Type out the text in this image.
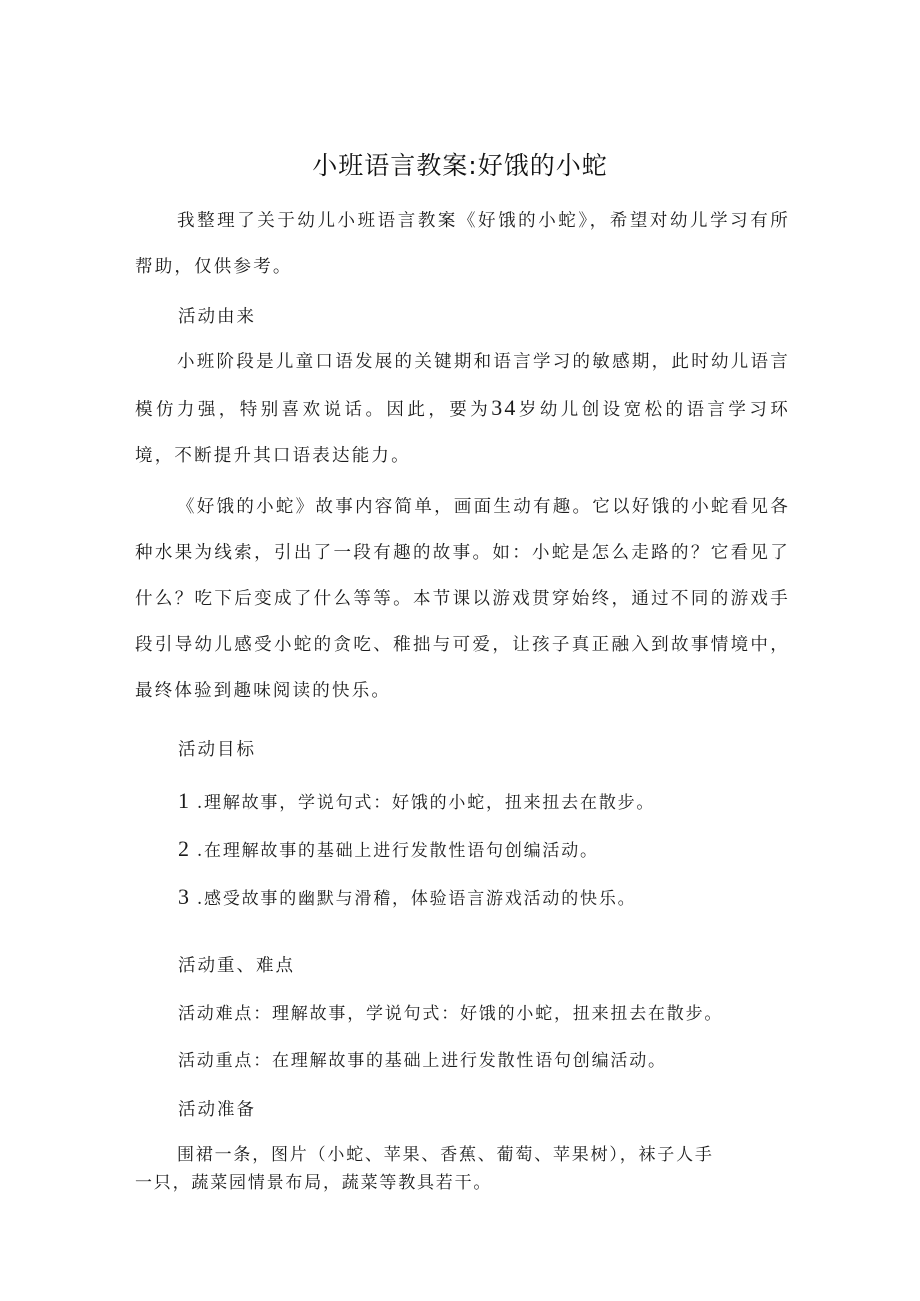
小班语言教案:好饿的小蛇

我整理了关于幼儿小班语言教案《好饿的小蛇》，希望对幼儿学习有所帮助，仅供参考。

活动由来

小班阶段是儿童口语发展的关键期和语言学习的敏感期，此时幼儿语言模仿力强，特别喜欢说话。因此，要为34岁幼儿创设宽松的语言学习环境，不断提升其口语表达能力。

《好饿的小蛇》故事内容简单，画面生动有趣。它以好饿的小蛇看见各种水果为线索，引出了一段有趣的故事。如：小蛇是怎么走路的？它看见了什么？吃下后变成了什么等等。本节课以游戏贯穿始终，通过不同的游戏手段引导幼儿感受小蛇的贪吃、稚拙与可爱，让孩子真正融入到故事情境中，最终体验到趣味阅读的快乐。

活动目标

1 .理解故事，学说句式：好饿的小蛇，扭来扭去在散步。

2 .在理解故事的基础上进行发散性语句创编活动。

3 .感受故事的幽默与滑稽，体验语言游戏活动的快乐。

活动重、难点

活动难点：理解故事，学说句式：好饿的小蛇，扭来扭去在散步。

活动重点：在理解故事的基础上进行发散性语句创编活动。

活动准备

围裙一条，图片（小蛇、苹果、香蕉、葡萄、苹果树），袜子人手

一只，蔬菜园情景布局，蔬菜等教具若干。
